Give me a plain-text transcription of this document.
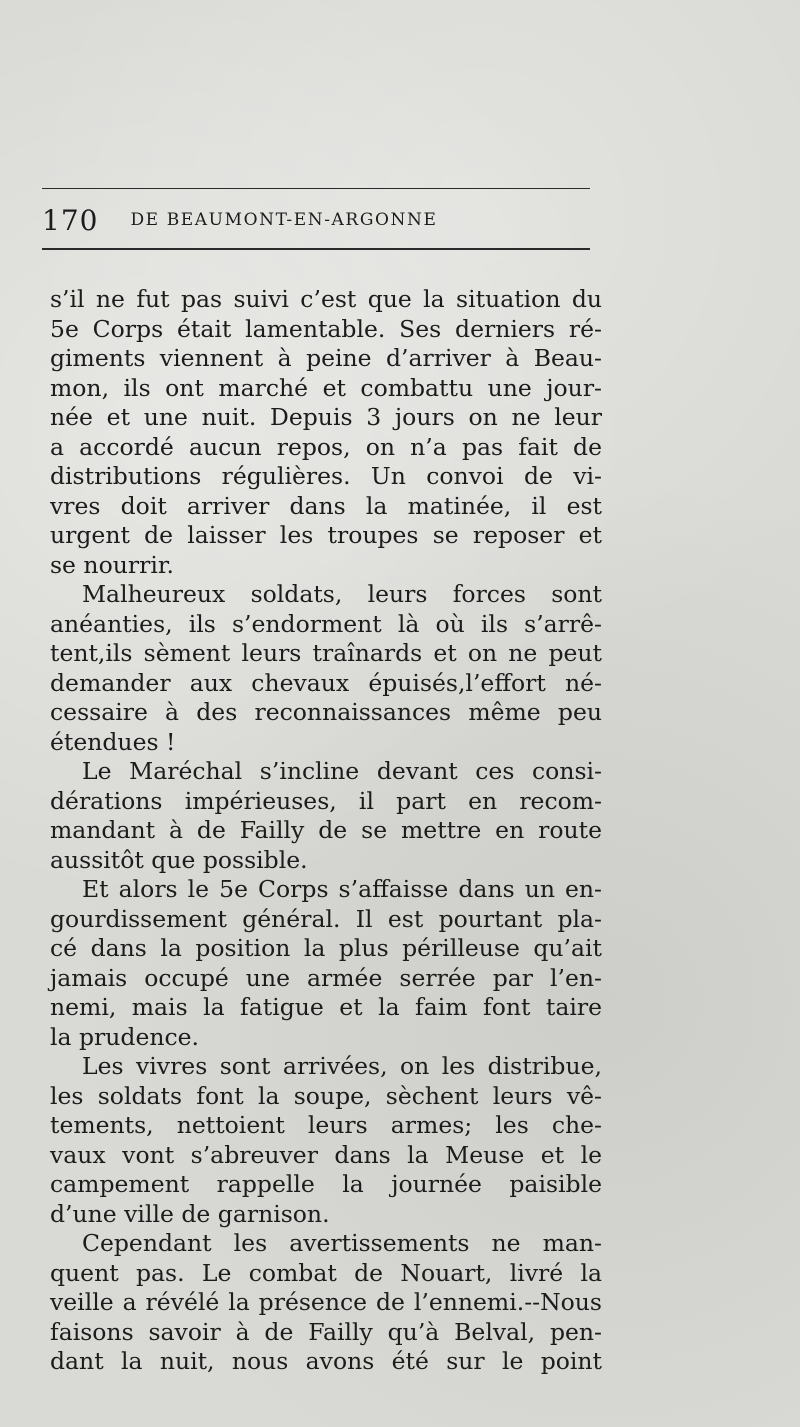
170 DE BEAUMONT-EN-ARGONNE
s’il ne fut pas suivi c’est que la situation du
5e Corps était lamentable. Ses derniers ré-
giments viennent à peine d’arriver à Beau-
mon, ils ont marché et combattu une jour-
née et une nuit. Depuis 3 jours on ne leur
a accordé aucun repos, on n’a pas fait de
distributions régulières. Un convoi de vi-
vres doit arriver dans la matinée, il est
urgent de laisser les troupes se reposer et
se nourrir.
Malheureux soldats, leurs forces sont
anéanties, ils s’endorment là où ils s’arrê-
tent,ils sèment leurs traînards et on ne peut
demander aux chevaux épuisés,l’effort né-
cessaire à des reconnaissances même peu
étendues !
Le Maréchal s’incline devant ces consi-
dérations impérieuses, il part en recom-
mandant à de Failly de se mettre en route
aussitôt que possible.
Et alors le 5e Corps s’affaisse dans un en-
gourdissement général. Il est pourtant pla-
cé dans la position la plus périlleuse qu’ait
jamais occupé une armée serrée par l’en-
nemi, mais la fatigue et la faim font taire
la prudence.
Les vivres sont arrivées, on les distribue,
les soldats font la soupe, sèchent leurs vê-
tements, nettoient leurs armes; les che-
vaux vont s’abreuver dans la Meuse et le
campement rappelle la journée paisible
d’une ville de garnison.
Cependant les avertissements ne man-
quent pas. Le combat de Nouart, livré la
veille a révélé la présence de l’ennemi.--Nous
faisons savoir à de Failly qu’à Belval, pen-
dant la nuit, nous avons été sur le point
